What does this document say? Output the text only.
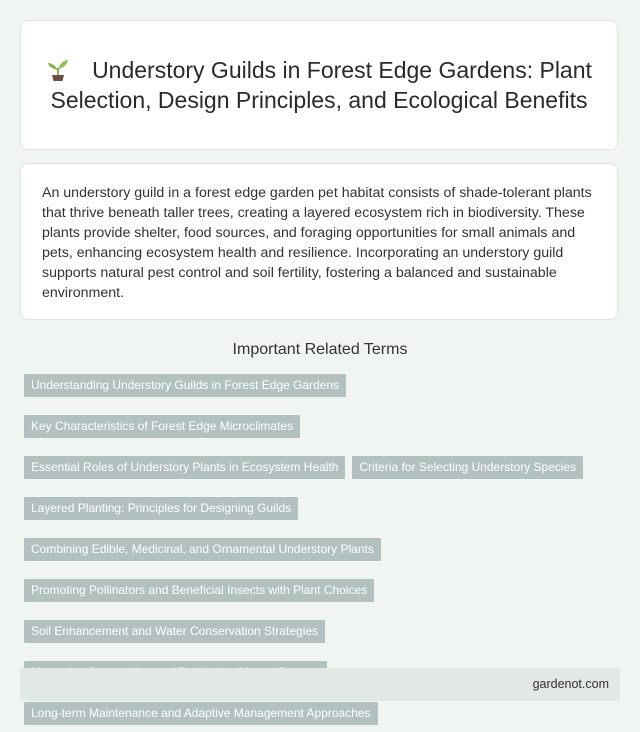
Understory Guilds in Forest Edge Gardens: Plant Selection, Design Principles, and Ecological Benefits

An understory guild in a forest edge garden pet habitat consists of shade-tolerant plants that thrive beneath taller trees, creating a layered ecosystem rich in biodiversity. These plants provide shelter, food sources, and foraging opportunities for small animals and pets, enhancing ecosystem health and resilience. Incorporating an understory guild supports natural pest control and soil fertility, fostering a balanced and sustainable environment.

Important Related Terms
Understanding Understory Guilds in Forest Edge Gardens
Key Characteristics of Forest Edge Microclimates
Essential Roles of Understory Plants in Ecosystem Health	Criteria for Selecting Understory Species
Layered Planting: Principles for Designing Guilds
Combining Edible, Medicinal, and Ornamental Understory Plants
Promoting Pollinators and Beneficial Insects with Plant Choices
Soil Enhancement and Water Conservation Strategies
Long-term Maintenance and Adaptive Management Approaches
gardenot.com
